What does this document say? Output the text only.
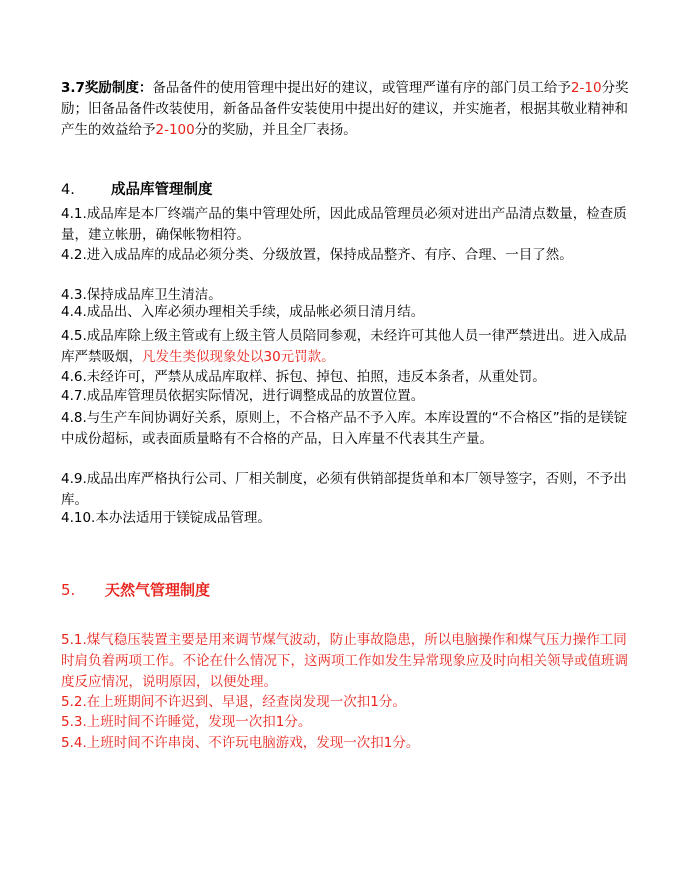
3.7奖励制度：备品备件的使用管理中提出好的建议，或管理严谨有序的部门员工给予2-10分奖励；旧备品备件改装使用，新备品备件安装使用中提出好的建议，并实施者，根据其敬业精神和产生的效益给予2-100分的奖励，并且全厂表扬。
4. 成品库管理制度
4.1.成品库是本厂终端产品的集中管理处所，因此成品管理员必须对进出产品清点数量，检查质量，建立帐册，确保帐物相符。
4.2.进入成品库的成品必须分类、分级放置，保持成品整齐、有序、合理、一目了然。
4.3.保持成品库卫生清洁。
4.4.成品出、入库必须办理相关手续，成品帐必须日清月结。
4.5.成品库除上级主管或有上级主管人员陪同参观，未经许可其他人员一律严禁进出。进入成品库严禁吸烟，凡发生类似现象处以30元罚款。
4.6.未经许可，严禁从成品库取样、拆包、掉包、拍照，违反本条者，从重处罚。
4.7.成品库管理员依据实际情况，进行调整成品的放置位置。
4.8.与生产车间协调好关系，原则上，不合格产品不予入库。本库设置的“不合格区”指的是镁锭中成份超标，或表面质量略有不合格的产品，日入库量不代表其生产量。
4.9.成品出库严格执行公司、厂相关制度，必须有供销部提货单和本厂领导签字，否则，不予出库。
4.10.本办法适用于镁锭成品管理。
5. 天然气管理制度
5.1.煤气稳压装置主要是用来调节煤气波动，防止事故隐患，所以电脑操作和煤气压力操作工同时肩负着两项工作。不论在什么情况下，这两项工作如发生异常现象应及时向相关领导或值班调度反应情况，说明原因，以便处理。
5.2.在上班期间不许迟到、早退，经查岗发现一次扣1分。
5.3.上班时间不许睡觉，发现一次扣1分。
5.4.上班时间不许串岗、不许玩电脑游戏，发现一次扣1分。
